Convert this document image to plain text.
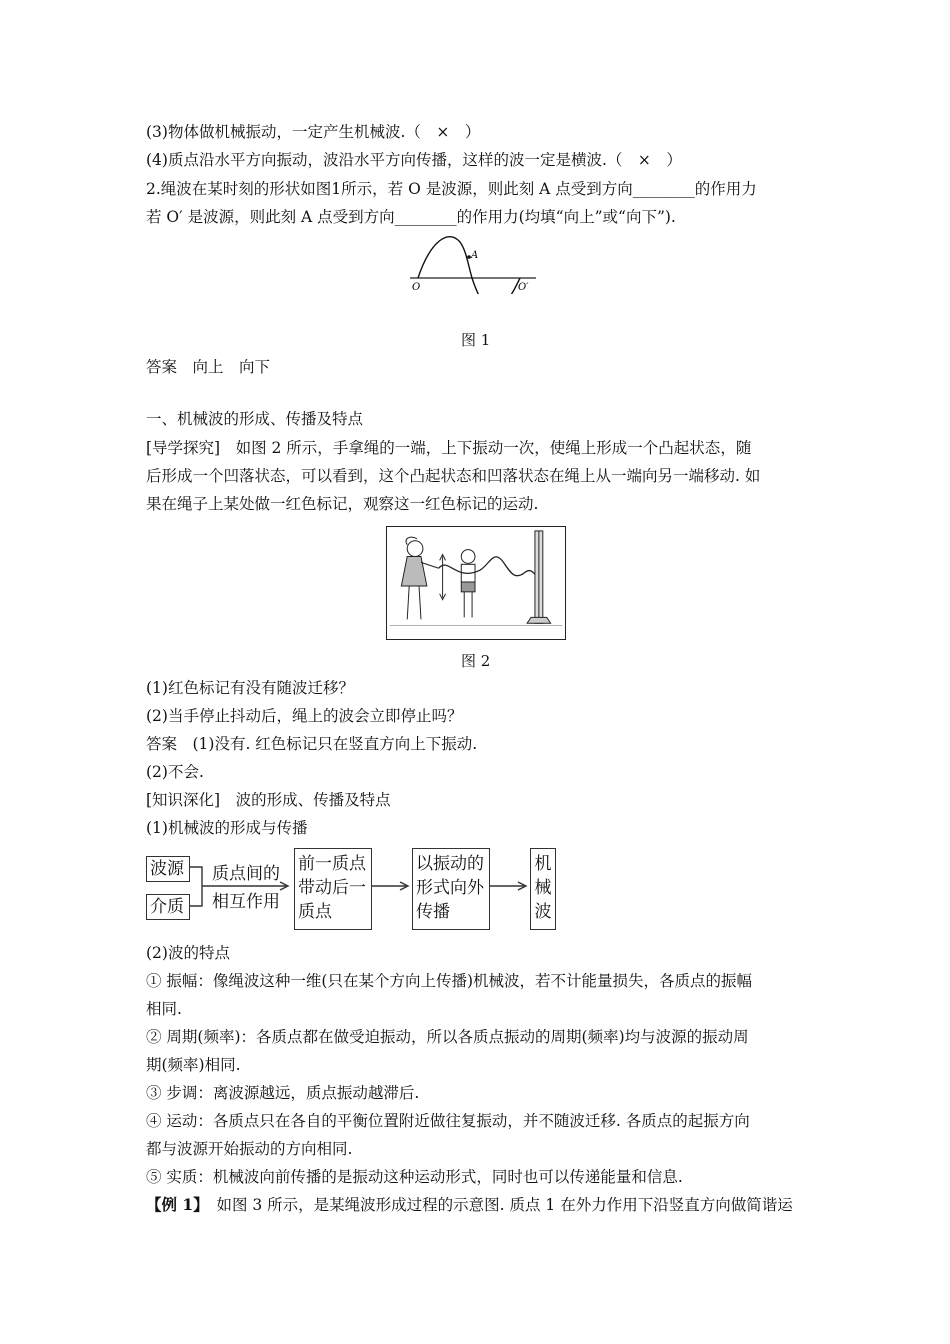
(3)物体做机械振动，一定产生机械波.（　×　）
(4)质点沿水平方向振动，波沿水平方向传播，这样的波一定是横波.（　×　）
2.绳波在某时刻的形状如图1所示，若 O 是波源，则此刻 A 点受到方向________的作用力
若 O′ 是波源，则此刻 A 点受到方向________的作用力(均填“向上”或“向下”).
A
O	O′
图 1
答案　向上　向下
一、机械波的形成、传播及特点
[导学探究]　如图 2 所示，手拿绳的一端，上下振动一次，使绳上形成一个凸起状态，随
后形成一个凹落状态，可以看到，这个凸起状态和凹落状态在绳上从一端向另一端移动. 如
果在绳子上某处做一红色标记，观察这一红色标记的运动.
图 2
(1)红色标记有没有随波迁移？
(2)当手停止抖动后，绳上的波会立即停止吗？
答案　(1)没有. 红色标记只在竖直方向上下振动.
(2)不会.
[知识深化]　波的形成、传播及特点
(1)机械波的形成与传播
波源
介质
质点间的
相互作用
前一质点
带动后一
质点
以振动的
形式向外
传播
机
械
波
(2)波的特点
① 振幅：像绳波这种一维(只在某个方向上传播)机械波，若不计能量损失，各质点的振幅
相同.
② 周期(频率)：各质点都在做受迫振动，所以各质点振动的周期(频率)均与波源的振动周
期(频率)相同.
③ 步调：离波源越远，质点振动越滞后.
④ 运动：各质点只在各自的平衡位置附近做往复振动，并不随波迁移. 各质点的起振方向
都与波源开始振动的方向相同.
⑤ 实质：机械波向前传播的是振动这种运动形式，同时也可以传递能量和信息.
【例 1】　如图 3 所示，是某绳波形成过程的示意图. 质点 1 在外力作用下沿竖直方向做简谐运
